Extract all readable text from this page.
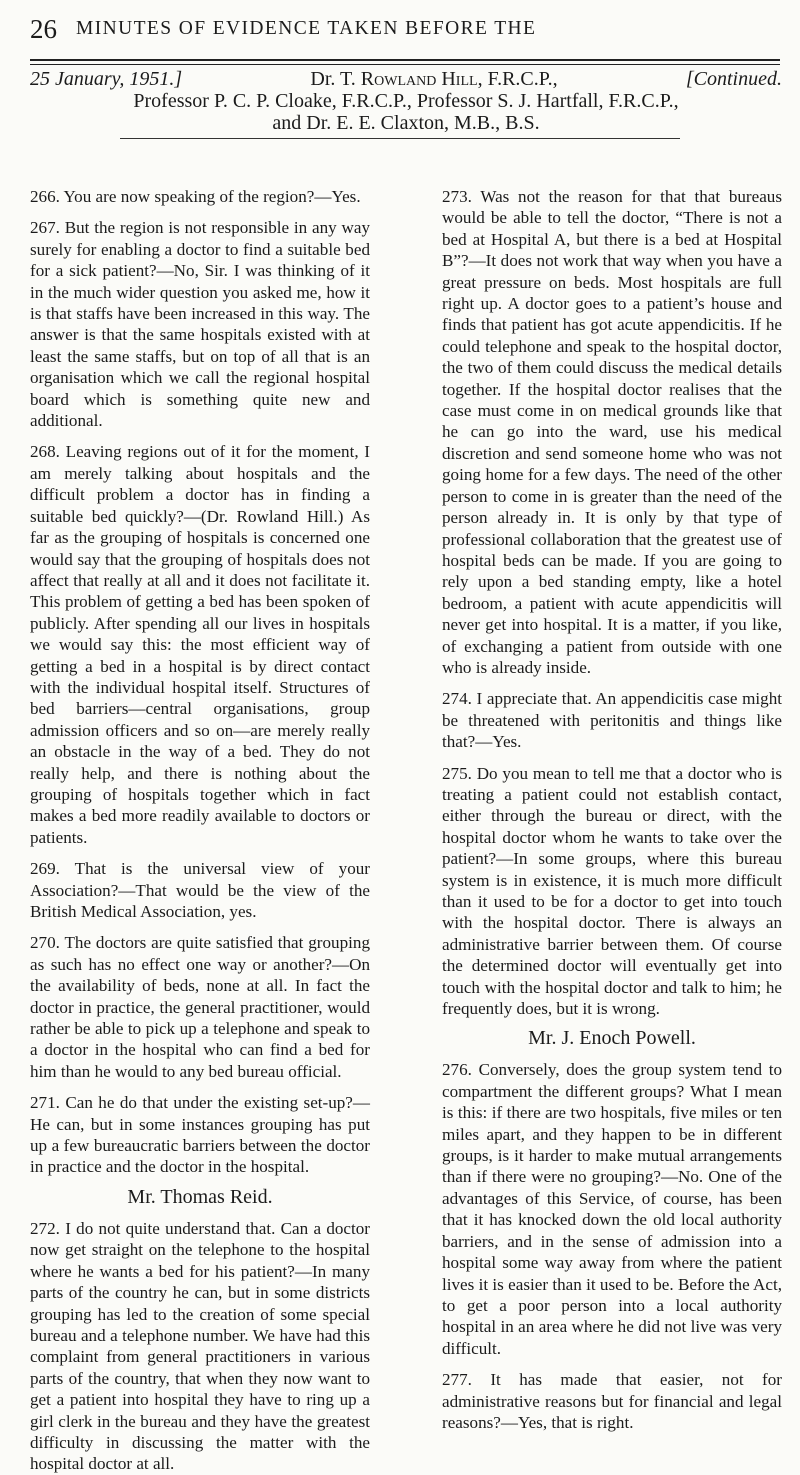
26 MINUTES OF EVIDENCE TAKEN BEFORE THE
25 January, 1951.]	Dr. T. Rowland Hill, F.R.C.P.,	[Continued.
Professor P. C. P. Cloake, F.R.C.P., Professor S. J. Hartfall, F.R.C.P.,
and Dr. E. E. Claxton, M.B., B.S.

266. You are now speaking of the region?—Yes.

267. But the region is not responsible in any way surely for enabling a doctor to find a suitable bed for a sick patient?—No, Sir. I was thinking of it in the much wider question you asked me, how it is that staffs have been increased in this way. The answer is that the same hospitals existed with at least the same staffs, but on top of all that is an organisation which we call the regional hospital board which is something quite new and additional.

268. Leaving regions out of it for the moment, I am merely talking about hospitals and the difficult problem a doctor has in finding a suitable bed quickly?—(Dr. Rowland Hill.) As far as the grouping of hospitals is concerned one would say that the grouping of hospitals does not affect that really at all and it does not facilitate it. This problem of getting a bed has been spoken of publicly. After spending all our lives in hospitals we would say this: the most efficient way of getting a bed in a hospital is by direct contact with the individual hospital itself. Structures of bed barriers—central organisations, group admission officers and so on—are merely really an obstacle in the way of a bed. They do not really help, and there is nothing about the grouping of hospitals together which in fact makes a bed more readily available to doctors or patients.

269. That is the universal view of your Association?—That would be the view of the British Medical Association, yes.

270. The doctors are quite satisfied that grouping as such has no effect one way or another?—On the availability of beds, none at all. In fact the doctor in practice, the general practitioner, would rather be able to pick up a telephone and speak to a doctor in the hospital who can find a bed for him than he would to any bed bureau official.

271. Can he do that under the existing set-up?—He can, but in some instances grouping has put up a few bureaucratic barriers between the doctor in practice and the doctor in the hospital.

Mr. Thomas Reid.

272. I do not quite understand that. Can a doctor now get straight on the telephone to the hospital where he wants a bed for his patient?—In many parts of the country he can, but in some districts grouping has led to the creation of some special bureau and a telephone number. We have had this complaint from general practitioners in various parts of the country, that when they now want to get a patient into hospital they have to ring up a girl clerk in the bureau and they have the greatest difficulty in discussing the matter with the hospital doctor at all.

273. Was not the reason for that that bureaus would be able to tell the doctor, “There is not a bed at Hospital A, but there is a bed at Hospital B”?—It does not work that way when you have a great pressure on beds. Most hospitals are full right up. A doctor goes to a patient’s house and finds that patient has got acute appendicitis. If he could telephone and speak to the hospital doctor, the two of them could discuss the medical details together. If the hospital doctor realises that the case must come in on medical grounds like that he can go into the ward, use his medical discretion and send someone home who was not going home for a few days. The need of the other person to come in is greater than the need of the person already in. It is only by that type of professional collaboration that the greatest use of hospital beds can be made. If you are going to rely upon a bed standing empty, like a hotel bedroom, a patient with acute appendicitis will never get into hospital. It is a matter, if you like, of exchanging a patient from outside with one who is already inside.

274. I appreciate that. An appendicitis case might be threatened with peritonitis and things like that?—Yes.

275. Do you mean to tell me that a doctor who is treating a patient could not establish contact, either through the bureau or direct, with the hospital doctor whom he wants to take over the patient?—In some groups, where this bureau system is in existence, it is much more difficult than it used to be for a doctor to get into touch with the hospital doctor. There is always an administrative barrier between them. Of course the determined doctor will eventually get into touch with the hospital doctor and talk to him; he frequently does, but it is wrong.

Mr. J. Enoch Powell.

276. Conversely, does the group system tend to compartment the different groups? What I mean is this: if there are two hospitals, five miles or ten miles apart, and they happen to be in different groups, is it harder to make mutual arrangements than if there were no grouping?—No. One of the advantages of this Service, of course, has been that it has knocked down the old local authority barriers, and in the sense of admission into a hospital some way away from where the patient lives it is easier than it used to be. Before the Act, to get a poor person into a local authority hospital in an area where he did not live was very difficult.

277. It has made that easier, not for administrative reasons but for financial and legal reasons?—Yes, that is right.
